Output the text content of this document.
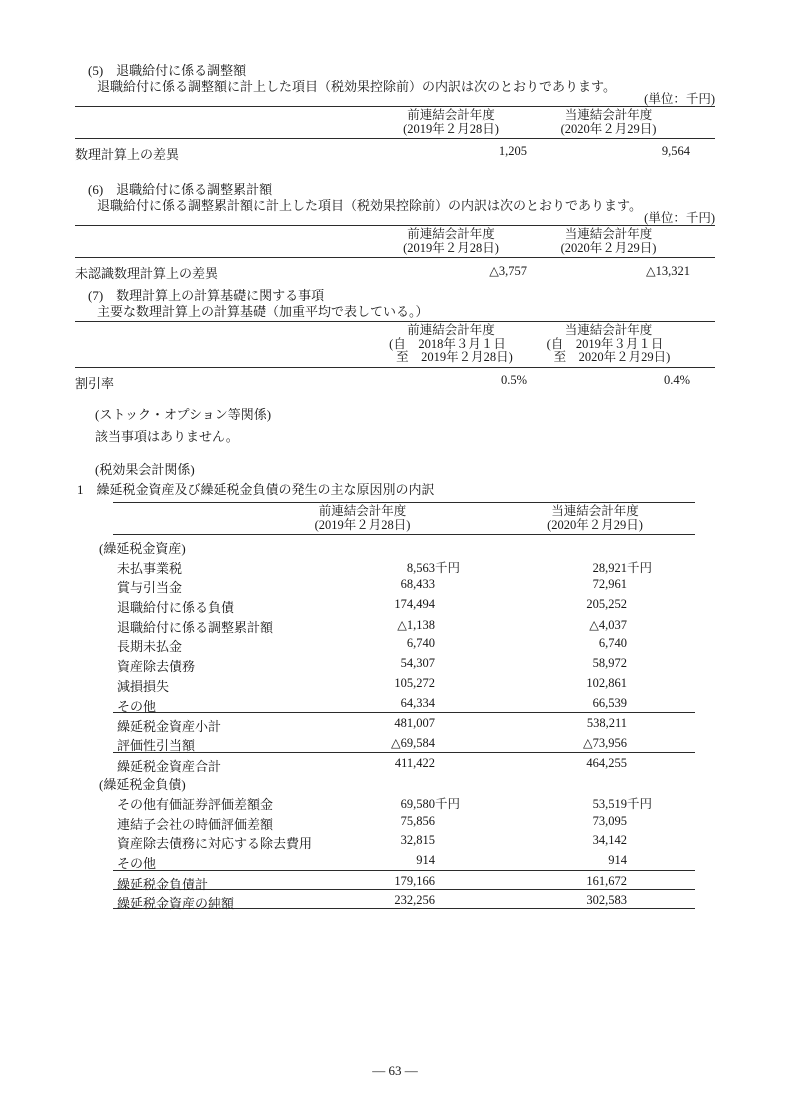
(5)　退職給付に係る調整額
退職給付に係る調整額に計上した項目（税効果控除前）の内訳は次のとおりであります。
(単位：千円)
前連結会計年度
(2019年２月28日)
当連結会計年度
(2020年２月29日)
数理計算上の差異	1,205	9,564
(6)　退職給付に係る調整累計額
退職給付に係る調整累計額に計上した項目（税効果控除前）の内訳は次のとおりであります。
(単位：千円)
前連結会計年度
(2019年２月28日)
当連結会計年度
(2020年２月29日)
未認識数理計算上の差異	△3,757	△13,321
(7)　数理計算上の計算基礎に関する事項
主要な数理計算上の計算基礎（加重平均で表している。）
前連結会計年度
(自　2018年３月１日
至　2019年２月28日)
当連結会計年度
(自　2019年３月１日
至　2020年２月29日)
割引率	0.5%	0.4%
(ストック・オプション等関係)
該当事項はありません。
(税効果会計関係)
1 繰延税金資産及び繰延税金負債の発生の主な原因別の内訳
前連結会計年度
(2019年２月28日)
当連結会計年度
(2020年２月29日)
(繰延税金資産)
未払事業税	8,563千円	28,921千円
賞与引当金	68,433	72,961
退職給付に係る負債	174,494	205,252
退職給付に係る調整累計額	△1,138	△4,037
長期未払金	6,740	6,740
資産除去債務	54,307	58,972
減損損失	105,272	102,861
その他	64,334	66,539
繰延税金資産小計	481,007	538,211
評価性引当額	△69,584	△73,956
繰延税金資産合計	411,422	464,255
(繰延税金負債)
その他有価証券評価差額金	69,580千円	53,519千円
連結子会社の時価評価差額	75,856	73,095
資産除去債務に対応する除去費用	32,815	34,142
その他	914	914
繰延税金負債計	179,166	161,672
繰延税金資産の純額	232,256	302,583
― 63 ―
